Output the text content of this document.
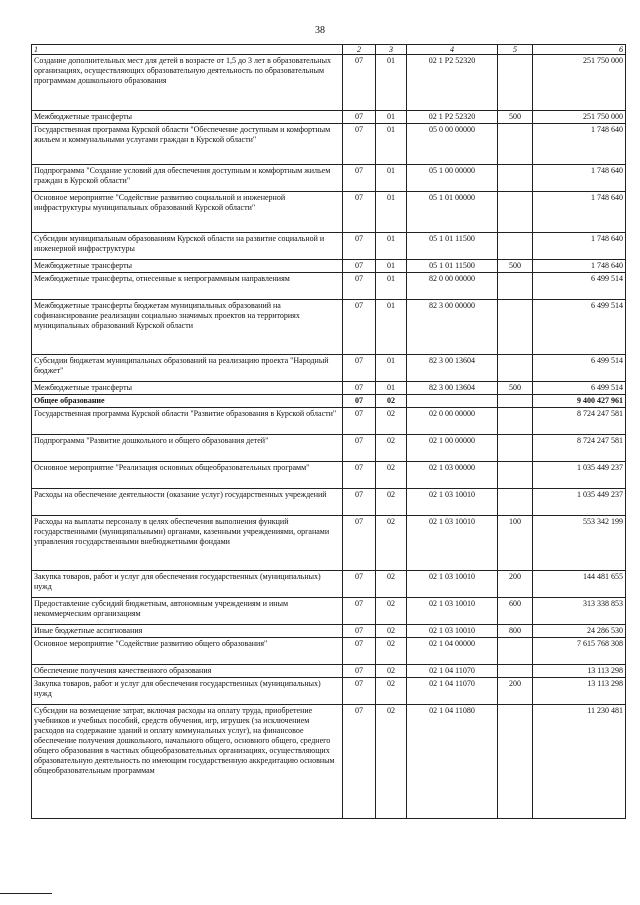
38
1	2	3	4	5	6
Создание дополнительных мест для детей в возрасте от 1,5 до 3 лет в образовательных организациях, осуществляющих образовательную деятельность по образовательным программам дошкольного образования	07	01	02 1 P2 52320		251 750 000
Межбюджетные трансферты	07	01	02 1 P2 52320	500	251 750 000
Государственная программа Курской области "Обеспечение доступным и комфортным жильем и коммунальными услугами граждан в Курской области"	07	01	05 0 00 00000		1 748 640
Подпрограмма "Создание условий для обеспечения доступным и комфортным жильем граждан в Курской области"	07	01	05 1 00 00000		1 748 640
Основное мероприятие "Содействие развитию социальной и инженерной инфраструктуры муниципальных образований Курской области"	07	01	05 1 01 00000		1 748 640
Субсидии муниципальным образованиям Курской области на развитие социальной и инженерной инфраструктуры	07	01	05 1 01 11500		1 748 640
Межбюджетные трансферты	07	01	05 1 01 11500	500	1 748 640
Межбюджетные трансферты, отнесенные к непрограммным направлениям	07	01	82 0 00 00000		6 499 514
Межбюджетные трансферты бюджетам муниципальных образований на софинансирование реализации социально значимых проектов на территориях муниципальных образований Курской области	07	01	82 3 00 00000		6 499 514
Субсидии бюджетам муниципальных образований на реализацию проекта "Народный бюджет"	07	01	82 3 00 13604		6 499 514
Межбюджетные трансферты	07	01	82 3 00 13604	500	6 499 514
Общее образование	07	02			9 400 427 961
Государственная программа Курской области "Развитие образования в Курской области"	07	02	02 0 00 00000		8 724 247 581
Подпрограмма "Развитие дошкольного и общего образования детей"	07	02	02 1 00 00000		8 724 247 581
Основное мероприятие "Реализация основных общеобразовательных программ"	07	02	02 1 03 00000		1 035 449 237
Расходы на обеспечение деятельности (оказание услуг) государственных учреждений	07	02	02 1 03 10010		1 035 449 237
Расходы на выплаты персоналу в целях обеспечения выполнения функций государственными (муниципальными) органами, казенными учреждениями, органами управления государственными внебюджетными фондами	07	02	02 1 03 10010	100	553 342 199
Закупка товаров, работ и услуг для обеспечения государственных (муниципальных) нужд	07	02	02 1 03 10010	200	144 481 655
Предоставление субсидий бюджетным, автономным учреждениям и иным некоммерческим организациям	07	02	02 1 03 10010	600	313 338 853
Иные бюджетные ассигнования	07	02	02 1 03 10010	800	24 286 530
Основное мероприятие "Содействие развитию общего образования"	07	02	02 1 04 00000		7 615 768 308
Обеспечение получения качественного образования	07	02	02 1 04 11070		13 113 298
Закупка товаров, работ и услуг для обеспечения государственных (муниципальных) нужд	07	02	02 1 04 11070	200	13 113 298
Субсидии на возмещение затрат, включая расходы на оплату труда, приобретение учебников и учебных пособий, средств обучения, игр, игрушек (за исключением расходов на содержание зданий и оплату коммунальных услуг), на финансовое обеспечение получения дошкольного, начального общего, основного общего, среднего общего образования в частных общеобразовательных организациях, осуществляющих образовательную деятельность по имеющим государственную аккредитацию основным общеобразовательным программам	07	02	02 1 04 11080		11 230 481
